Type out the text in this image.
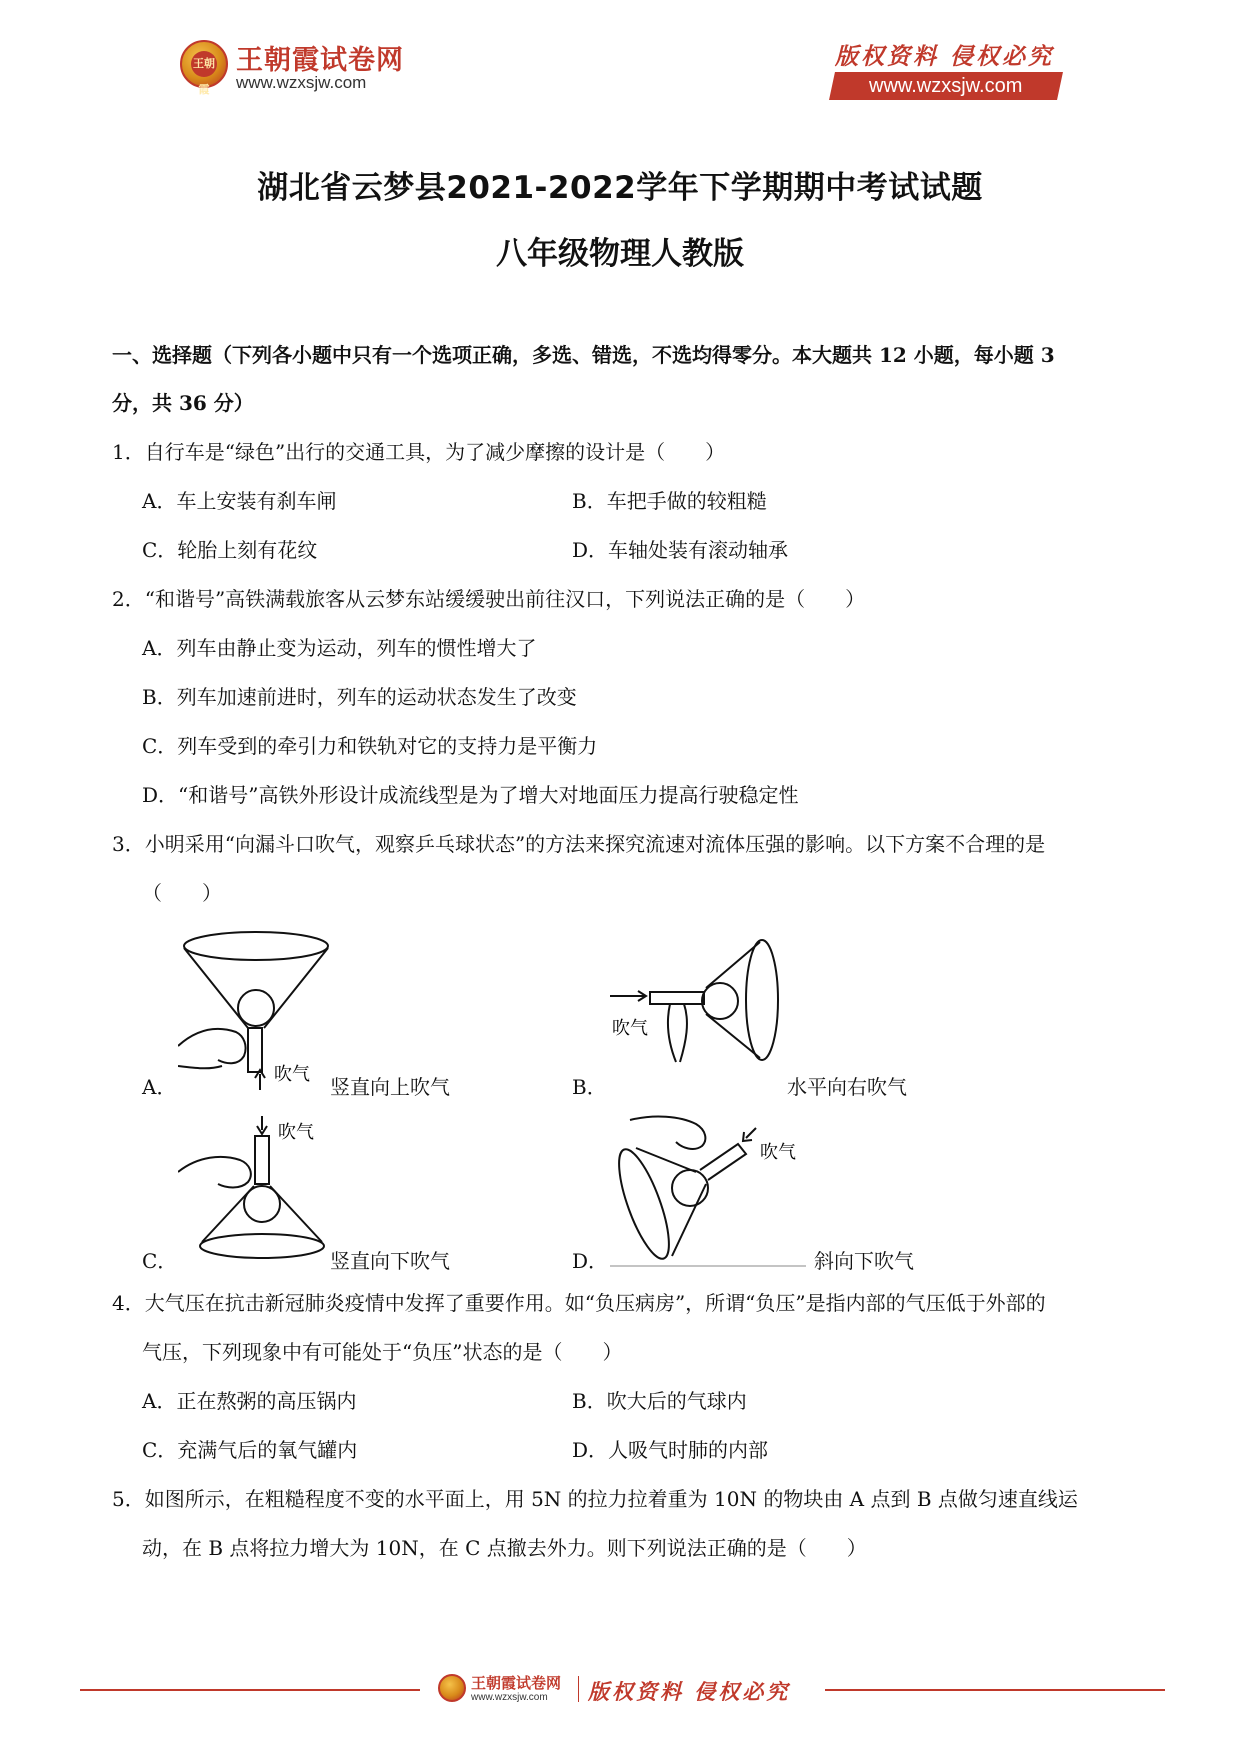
王朝霞
王朝霞试卷网
www.wzxsjw.com
版权资料 侵权必究
www.wzxsjw.com
湖北省云梦县2021-2022学年下学期期中考试试题
八年级物理人教版
一、选择题（下列各小题中只有一个选项正确，多选、错选，不选均得零分。本大题共 12 小题，每小题 3
分，共 36 分）
1．自行车是“绿色”出行的交通工具，为了减少摩擦的设计是（　　）
A．车上安装有刹车闸	B．车把手做的较粗糙
C．轮胎上刻有花纹	D．车轴处装有滚动轴承
2．“和谐号”高铁满载旅客从云梦东站缓缓驶出前往汉口，下列说法正确的是（　　）
A．列车由静止变为运动，列车的惯性增大了
B．列车加速前进时，列车的运动状态发生了改变
C．列车受到的牵引力和铁轨对它的支持力是平衡力
D．“和谐号”高铁外形设计成流线型是为了增大对地面压力提高行驶稳定性
3．小明采用“向漏斗口吹气，观察乒乓球状态”的方法来探究流速对流体压强的影响。以下方案不合理的是
（　　）
A．
吹气
竖直向上吹气	B．
吹气
水平向右吹气
C．
吹气
竖直向下吹气	D．
吹气
斜向下吹气
4．大气压在抗击新冠肺炎疫情中发挥了重要作用。如“负压病房”，所谓“负压”是指内部的气压低于外部的
气压，下列现象中有可能处于“负压”状态的是（　　）
A．正在熬粥的高压锅内	B．吹大后的气球内
C．充满气后的氧气罐内	D．人吸气时肺的内部
5．如图所示，在粗糙程度不变的水平面上，用 5N 的拉力拉着重为 10N 的物块由 A 点到 B 点做匀速直线运
动，在 B 点将拉力增大为 10N，在 C 点撤去外力。则下列说法正确的是（　　）
王朝霞试卷网
www.wzxsjw.com 版权资料 侵权必究
